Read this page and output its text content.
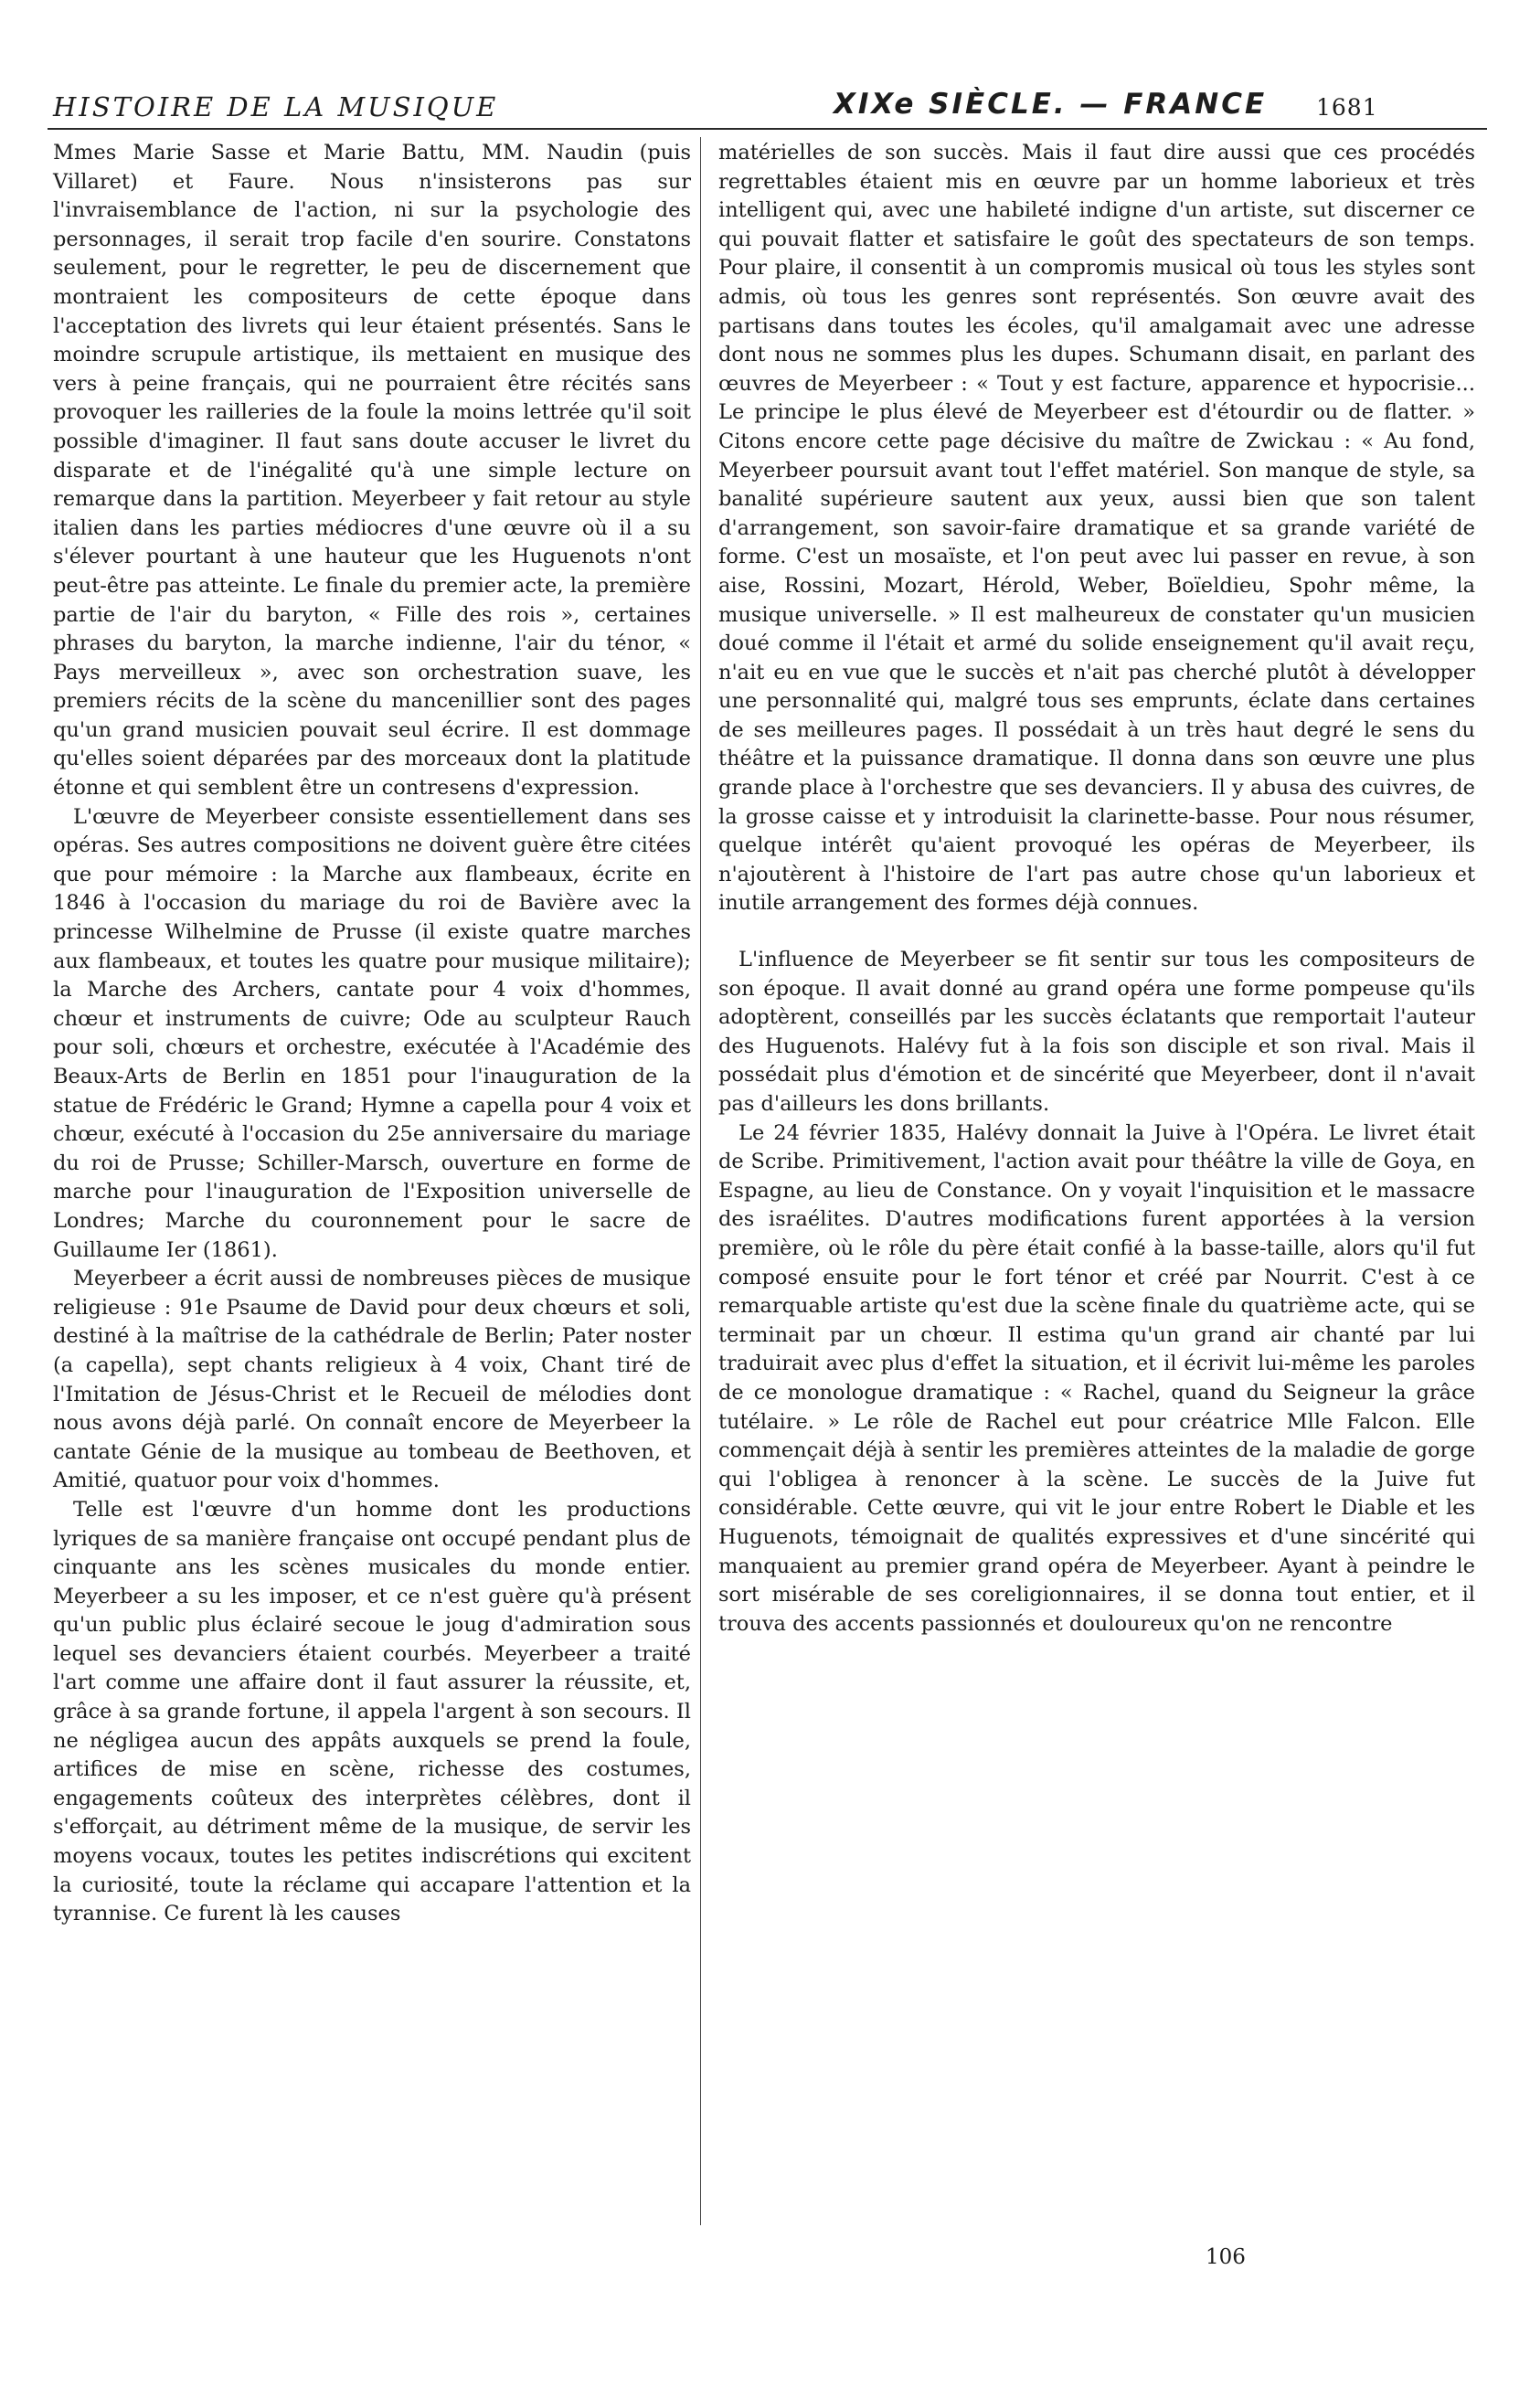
HISTOIRE DE LA MUSIQUE	XIXe SIÈCLE. — FRANCE 1681

Mmes Marie Sasse et Marie Battu, MM. Naudin (puis Villaret) et Faure. Nous n'insisterons pas sur l'invraisemblance de l'action, ni sur la psychologie des personnages, il serait trop facile d'en sourire. Constatons seulement, pour le regretter, le peu de discernement que montraient les compositeurs de cette époque dans l'acceptation des livrets qui leur étaient présentés. Sans le moindre scrupule artistique, ils mettaient en musique des vers à peine français, qui ne pourraient être récités sans provoquer les railleries de la foule la moins lettrée qu'il soit possible d'imaginer. Il faut sans doute accuser le livret du disparate et de l'inégalité qu'à une simple lecture on remarque dans la partition. Meyerbeer y fait retour au style italien dans les parties médiocres d'une œuvre où il a su s'élever pourtant à une hauteur que les Huguenots n'ont peut-être pas atteinte. Le finale du premier acte, la première partie de l'air du baryton, « Fille des rois », certaines phrases du baryton, la marche indienne, l'air du ténor, « Pays merveilleux », avec son orchestration suave, les premiers récits de la scène du mancenillier sont des pages qu'un grand musicien pouvait seul écrire. Il est dommage qu'elles soient déparées par des morceaux dont la platitude étonne et qui semblent être un contresens d'expression.

L'œuvre de Meyerbeer consiste essentiellement dans ses opéras. Ses autres compositions ne doivent guère être citées que pour mémoire : la Marche aux flambeaux, écrite en 1846 à l'occasion du mariage du roi de Bavière avec la princesse Wilhelmine de Prusse (il existe quatre marches aux flambeaux, et toutes les quatre pour musique militaire); la Marche des Archers, cantate pour 4 voix d'hommes, chœur et instruments de cuivre; Ode au sculpteur Rauch pour soli, chœurs et orchestre, exécutée à l'Académie des Beaux-Arts de Berlin en 1851 pour l'inauguration de la statue de Frédéric le Grand; Hymne a capella pour 4 voix et chœur, exécuté à l'occasion du 25e anniversaire du mariage du roi de Prusse; Schiller-Marsch, ouverture en forme de marche pour l'inauguration de l'Exposition universelle de Londres; Marche du couronnement pour le sacre de Guillaume Ier (1861).

Meyerbeer a écrit aussi de nombreuses pièces de musique religieuse : 91e Psaume de David pour deux chœurs et soli, destiné à la maîtrise de la cathédrale de Berlin; Pater noster (a capella), sept chants religieux à 4 voix, Chant tiré de l'Imitation de Jésus-Christ et le Recueil de mélodies dont nous avons déjà parlé. On connaît encore de Meyerbeer la cantate Génie de la musique au tombeau de Beethoven, et Amitié, quatuor pour voix d'hommes.

Telle est l'œuvre d'un homme dont les productions lyriques de sa manière française ont occupé pendant plus de cinquante ans les scènes musicales du monde entier. Meyerbeer a su les imposer, et ce n'est guère qu'à présent qu'un public plus éclairé secoue le joug d'admiration sous lequel ses devanciers étaient courbés. Meyerbeer a traité l'art comme une affaire dont il faut assurer la réussite, et, grâce à sa grande fortune, il appela l'argent à son secours. Il ne négligea aucun des appâts auxquels se prend la foule, artifices de mise en scène, richesse des costumes, engagements coûteux des interprètes célèbres, dont il s'efforçait, au détriment même de la musique, de servir les moyens vocaux, toutes les petites indiscrétions qui excitent la curiosité, toute la réclame qui accapare l'attention et la tyrannise. Ce furent là les causes

matérielles de son succès. Mais il faut dire aussi que ces procédés regrettables étaient mis en œuvre par un homme laborieux et très intelligent qui, avec une habileté indigne d'un artiste, sut discerner ce qui pouvait flatter et satisfaire le goût des spectateurs de son temps. Pour plaire, il consentit à un compromis musical où tous les styles sont admis, où tous les genres sont représentés. Son œuvre avait des partisans dans toutes les écoles, qu'il amalgamait avec une adresse dont nous ne sommes plus les dupes. Schumann disait, en parlant des œuvres de Meyerbeer : « Tout y est facture, apparence et hypocrisie... Le principe le plus élevé de Meyerbeer est d'étourdir ou de flatter. » Citons encore cette page décisive du maître de Zwickau : « Au fond, Meyerbeer poursuit avant tout l'effet matériel. Son manque de style, sa banalité supérieure sautent aux yeux, aussi bien que son talent d'arrangement, son savoir-faire dramatique et sa grande variété de forme. C'est un mosaïste, et l'on peut avec lui passer en revue, à son aise, Rossini, Mozart, Hérold, Weber, Boïeldieu, Spohr même, la musique universelle. » Il est malheureux de constater qu'un musicien doué comme il l'était et armé du solide enseignement qu'il avait reçu, n'ait eu en vue que le succès et n'ait pas cherché plutôt à développer une personnalité qui, malgré tous ses emprunts, éclate dans certaines de ses meilleures pages. Il possédait à un très haut degré le sens du théâtre et la puissance dramatique. Il donna dans son œuvre une plus grande place à l'orchestre que ses devanciers. Il y abusa des cuivres, de la grosse caisse et y introduisit la clarinette-basse. Pour nous résumer, quelque intérêt qu'aient provoqué les opéras de Meyerbeer, ils n'ajoutèrent à l'histoire de l'art pas autre chose qu'un laborieux et inutile arrangement des formes déjà connues.

L'influence de Meyerbeer se fit sentir sur tous les compositeurs de son époque. Il avait donné au grand opéra une forme pompeuse qu'ils adoptèrent, conseillés par les succès éclatants que remportait l'auteur des Huguenots. Halévy fut à la fois son disciple et son rival. Mais il possédait plus d'émotion et de sincérité que Meyerbeer, dont il n'avait pas d'ailleurs les dons brillants.

Le 24 février 1835, Halévy donnait la Juive à l'Opéra. Le livret était de Scribe. Primitivement, l'action avait pour théâtre la ville de Goya, en Espagne, au lieu de Constance. On y voyait l'inquisition et le massacre des israélites. D'autres modifications furent apportées à la version première, où le rôle du père était confié à la basse-taille, alors qu'il fut composé ensuite pour le fort ténor et créé par Nourrit. C'est à ce remarquable artiste qu'est due la scène finale du quatrième acte, qui se terminait par un chœur. Il estima qu'un grand air chanté par lui traduirait avec plus d'effet la situation, et il écrivit lui-même les paroles de ce monologue dramatique : « Rachel, quand du Seigneur la grâce tutélaire. » Le rôle de Rachel eut pour créatrice Mlle Falcon. Elle commençait déjà à sentir les premières atteintes de la maladie de gorge qui l'obligea à renoncer à la scène. Le succès de la Juive fut considérable. Cette œuvre, qui vit le jour entre Robert le Diable et les Huguenots, témoignait de qualités expressives et d'une sincérité qui manquaient au premier grand opéra de Meyerbeer. Ayant à peindre le sort misérable de ses coreligionnaires, il se donna tout entier, et il trouva des accents passionnés et douloureux qu'on ne rencontre

106
